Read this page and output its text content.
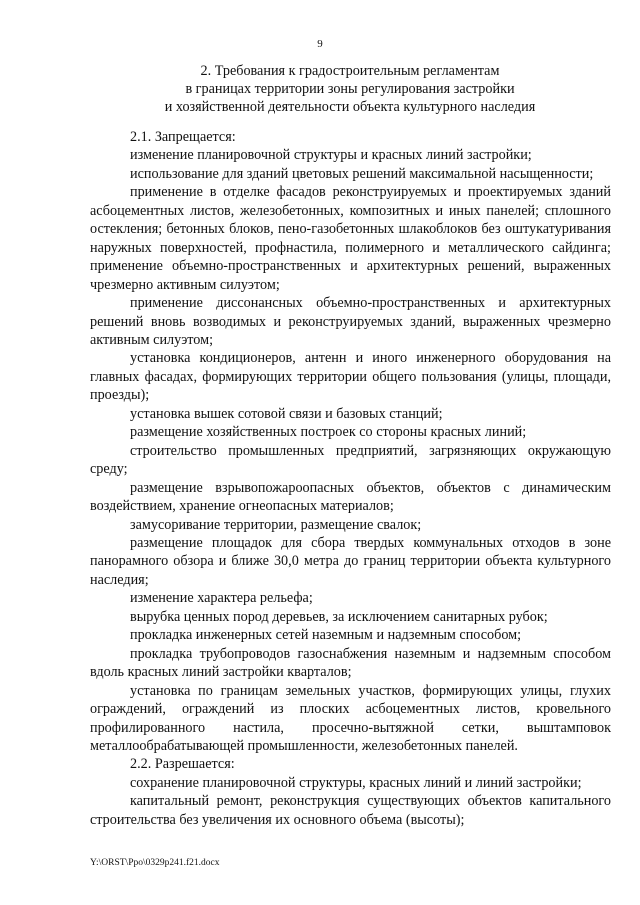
9
2. Требования к градостроительным регламентам
в границах территории зоны регулирования застройки
и хозяйственной деятельности объекта культурного наследия

2.1. Запрещается:

изменение планировочной структуры и красных линий застройки;

использование для зданий цветовых решений максимальной насыщенности;

применение в отделке фасадов реконструируемых и проектируемых зданий асбоцементных листов, железобетонных, композитных и иных панелей; сплошного остекления; бетонных блоков, пено-газобетонных шлакоблоков без оштукатуривания наружных поверхностей, профнастила, полимерного и металлического сайдинга; применение объемно-пространственных и архитектурных решений, выраженных чрезмерно активным силуэтом;

применение диссонансных объемно-пространственных и архитектурных решений вновь возводимых и реконструируемых зданий, выраженных чрезмерно активным силуэтом;

установка кондиционеров, антенн и иного инженерного оборудования на главных фасадах, формирующих территории общего пользования (улицы, площади, проезды);

установка вышек сотовой связи и базовых станций;

размещение хозяйственных построек со стороны красных линий;

строительство промышленных предприятий, загрязняющих окружающую среду;

размещение взрывопожароопасных объектов, объектов с динамическим воздействием, хранение огнеопасных материалов;

замусоривание территории, размещение свалок;

размещение площадок для сбора твердых коммунальных отходов в зоне панорамного обзора и ближе 30,0 метра до границ территории объекта культурного наследия;

изменение характера рельефа;

вырубка ценных пород деревьев, за исключением санитарных рубок;

прокладка инженерных сетей наземным и надземным способом;

прокладка трубопроводов газоснабжения наземным и надземным способом вдоль красных линий застройки кварталов;

установка по границам земельных участков, формирующих улицы, глухих ограждений, ограждений из плоских асбоцементных листов, кровельного профилированного настила, просечно-вытяжной сетки, выштамповок металлообрабатывающей промышленности, железобетонных панелей.

2.2. Разрешается:

сохранение планировочной структуры, красных линий и линий застройки;

капитальный ремонт, реконструкция существующих объектов капитального строительства без увеличения их основного объема (высоты);

Y:\ORST\Ppo\0329p241.f21.docx
